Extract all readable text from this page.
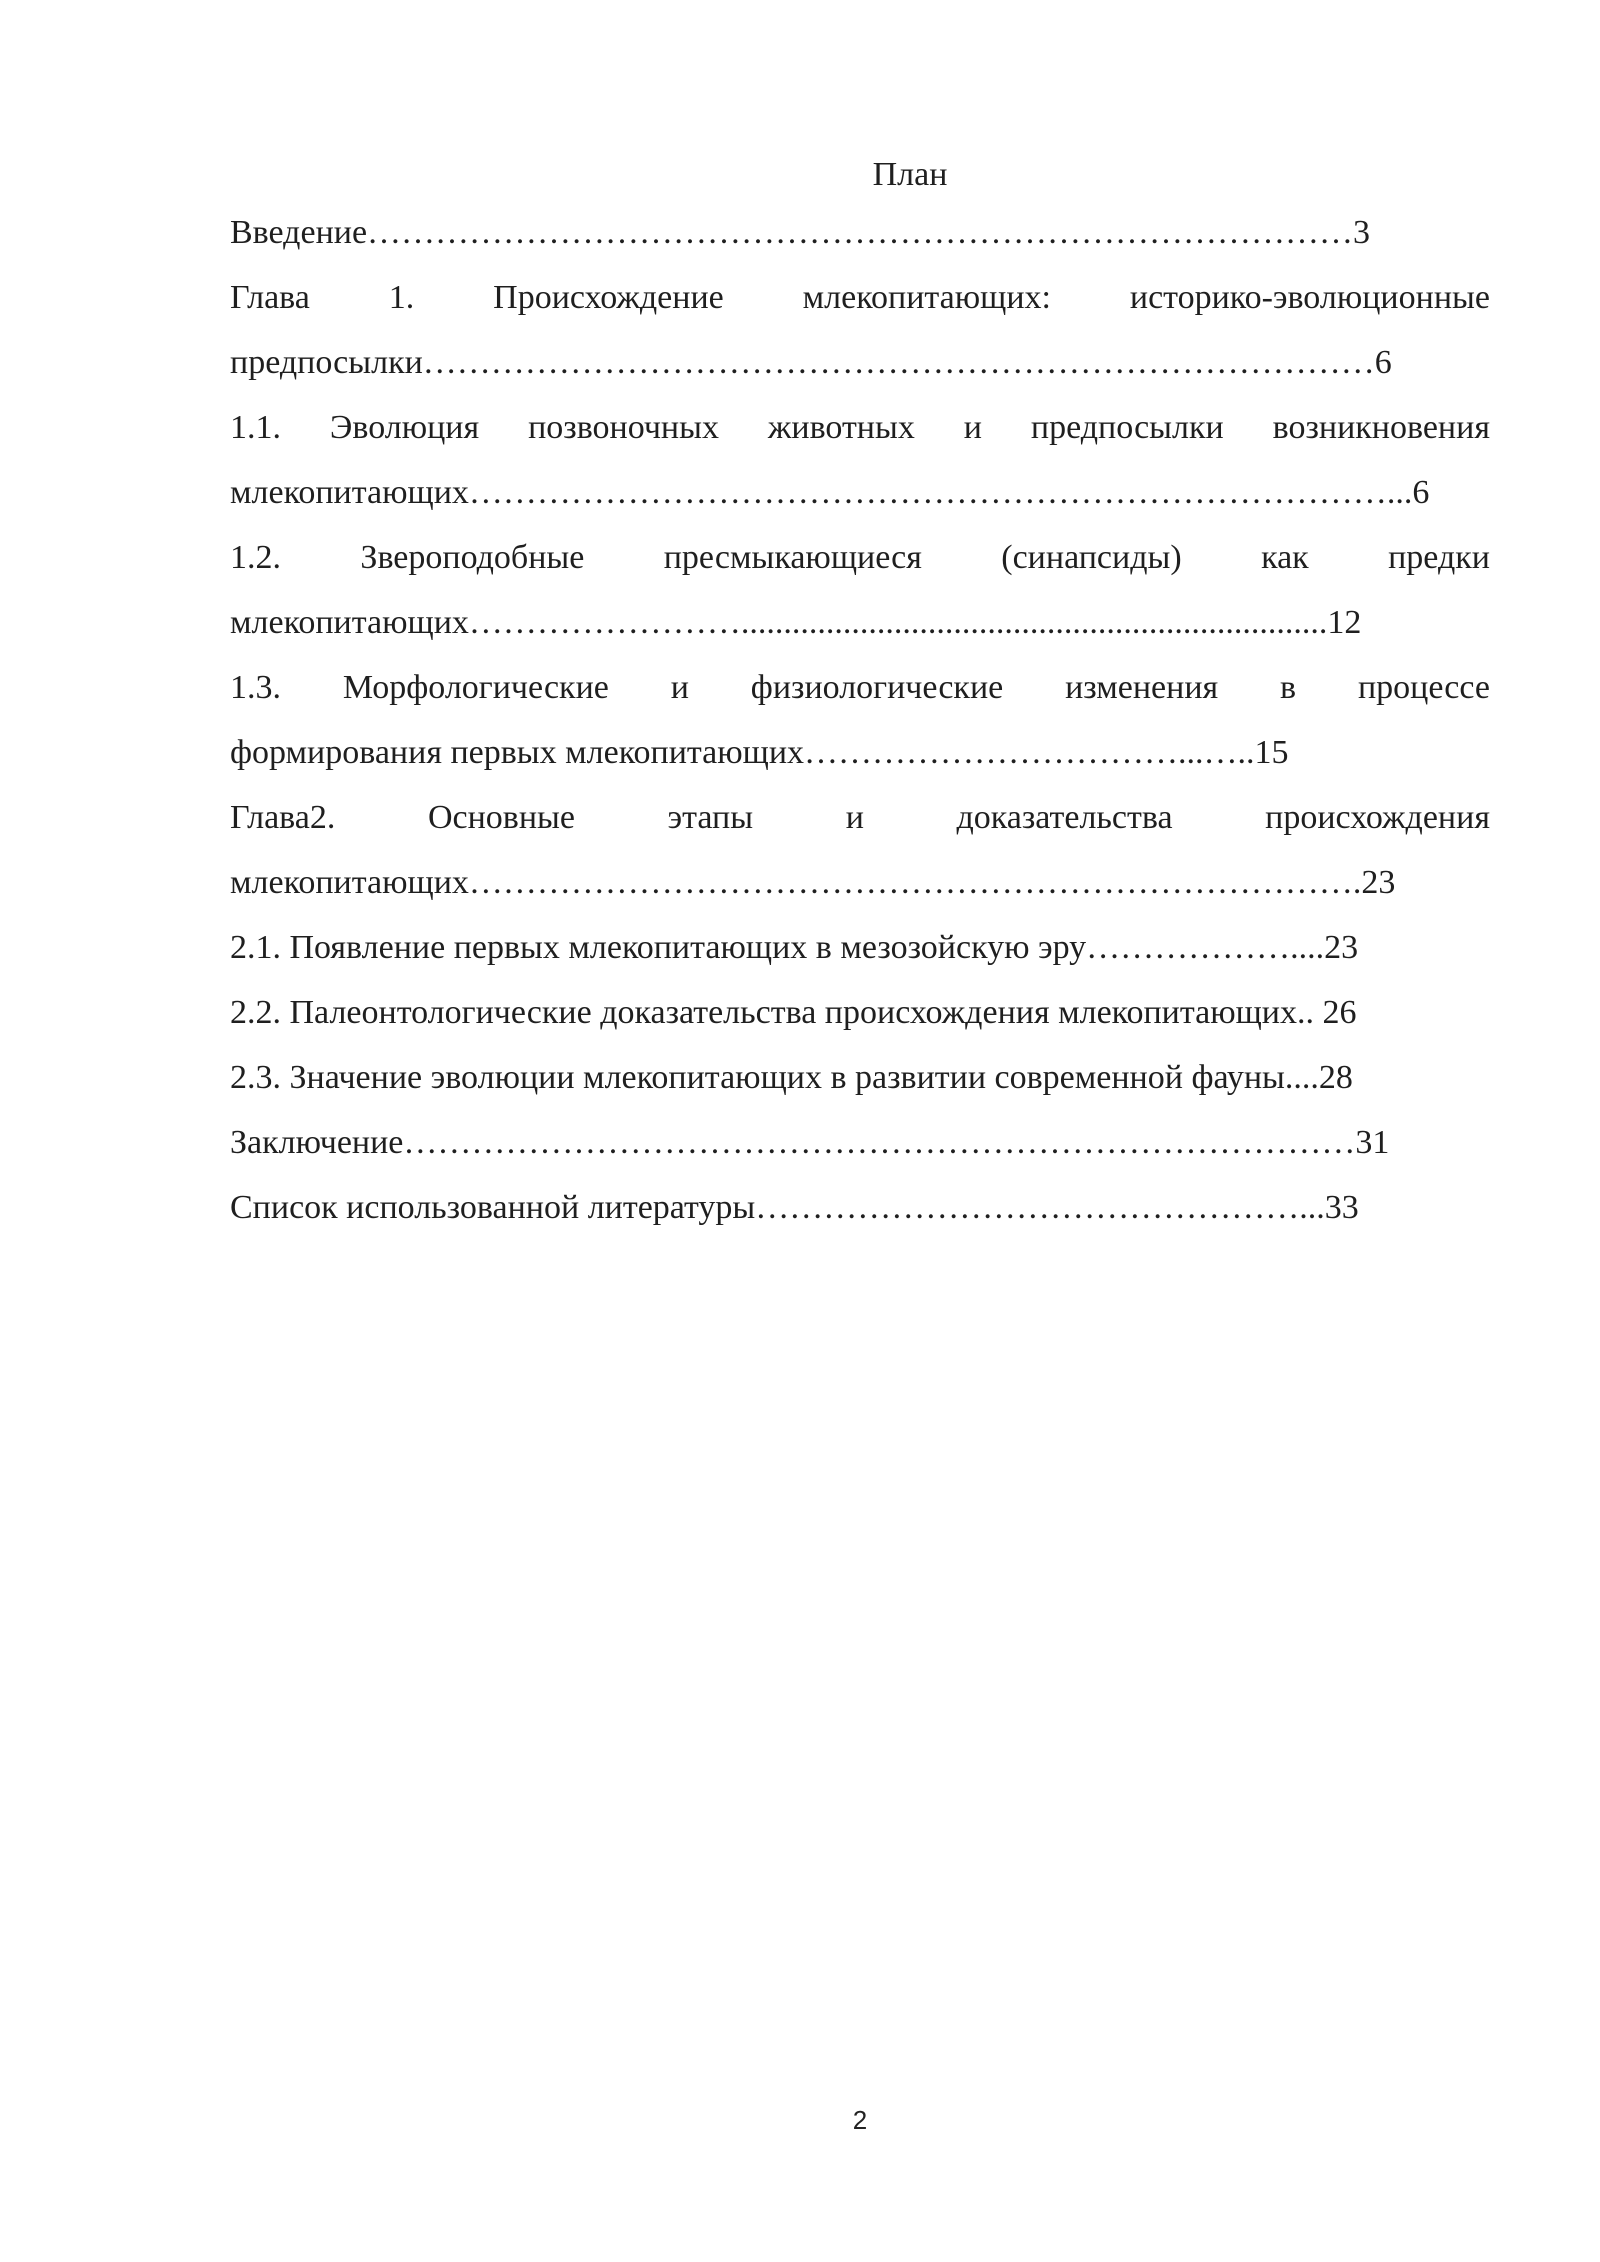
План
Введение……………………………………………………………………………3
Глава 1. Происхождение млекопитающих: историко-эволюционные
предпосылки…………………………………………………………………………6
1.1. Эволюция позвоночных животных и предпосылки возникновения
млекопитающих………………………………………………………………………...6
1.2. Звероподобные пресмыкающиеся (синапсиды) как предки
млекопитающих…………………….....................................................................12
1.3. Морфологические и физиологические изменения в процессе
формирования первых млекопитающих……………………………...…..15
Глава2.	Основные	этапы	и	доказательства	происхождения
млекопитающих…………………………………………………………………….23
2.1. Появление первых млекопитающих в мезозойскую эру………………....23
2.2. Палеонтологические доказательства происхождения млекопитающих.. 26
2.3. Значение эволюции млекопитающих в развитии современной фауны....28
Заключение…………………………………………………………………………31
Список использованной литературы…………………………………………...33
2
